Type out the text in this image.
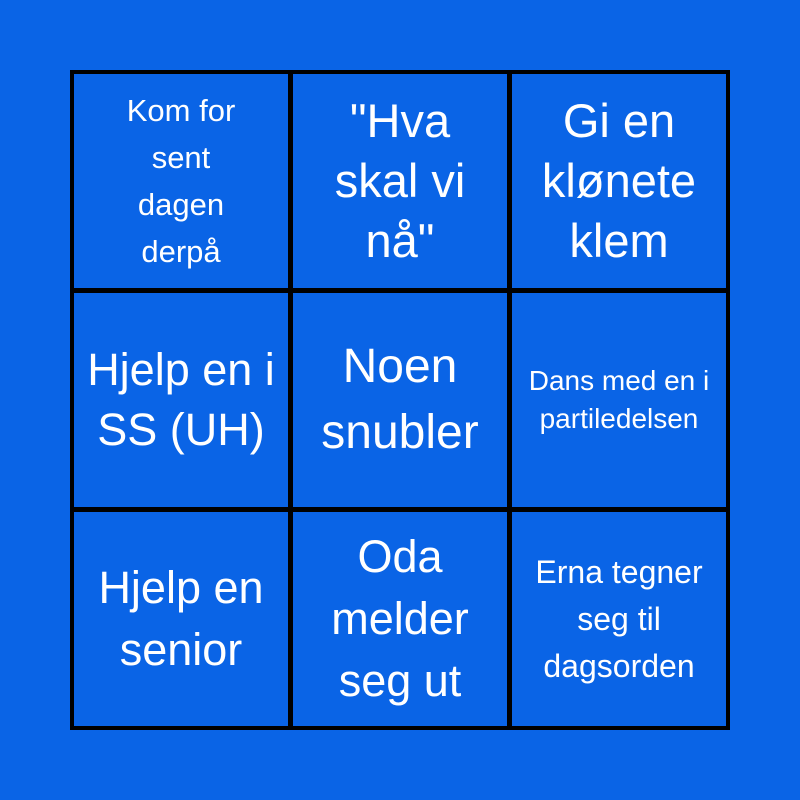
Kom for sent dagen derpå
"Hva skal vi nå"
Gi en klønete klem
Hjelp en i SS (UH)
Noen snubler
Dans med en i partiledelsen
Hjelp en senior
Oda melder seg ut
Erna tegner seg til dagsorden
